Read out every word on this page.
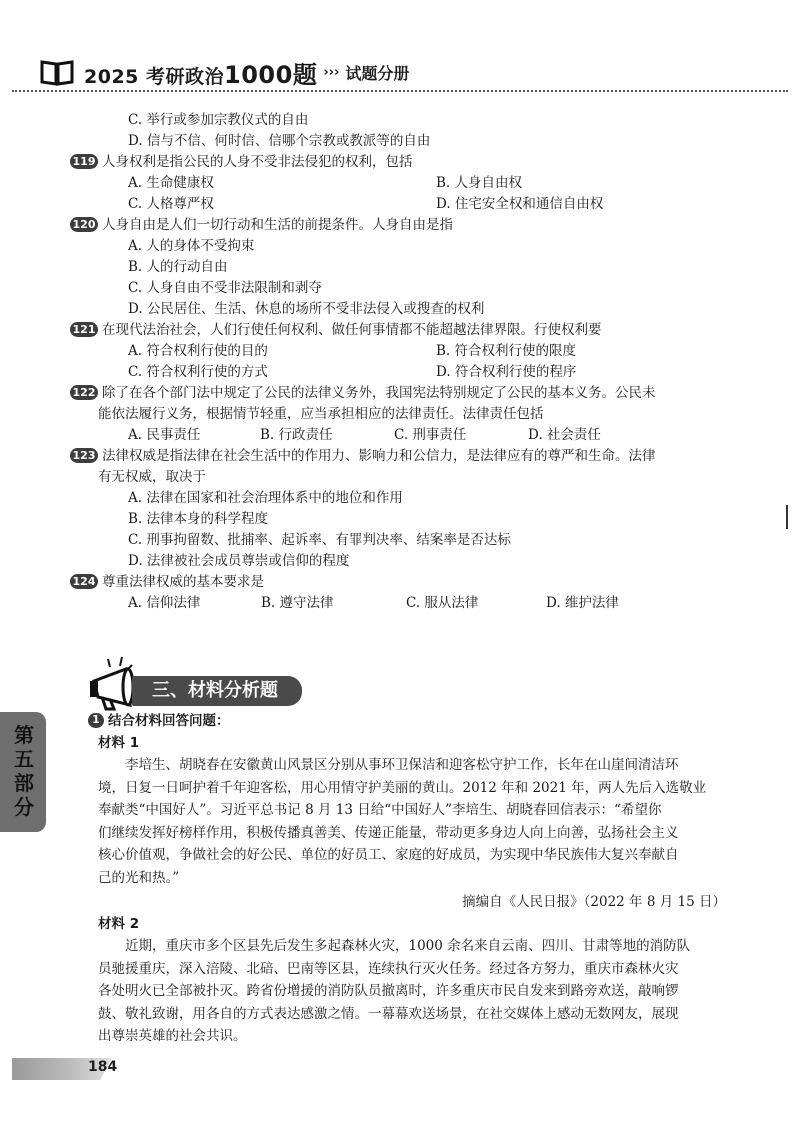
2025 考研政治1000题 ››› 试题分册
C. 举行或参加宗教仪式的自由
D. 信与不信、何时信、信哪个宗教或教派等的自由
119 人身权利是指公民的人身不受非法侵犯的权利，包括
A. 生命健康权	B. 人身自由权
C. 人格尊严权	D. 住宅安全权和通信自由权
120 人身自由是人们一切行动和生活的前提条件。人身自由是指
A. 人的身体不受拘束
B. 人的行动自由
C. 人身自由不受非法限制和剥夺
D. 公民居住、生活、休息的场所不受非法侵入或搜查的权利
121 在现代法治社会，人们行使任何权利、做任何事情都不能超越法律界限。行使权利要
A. 符合权利行使的目的	B. 符合权利行使的限度
C. 符合权利行使的方式	D. 符合权利行使的程序
122 除了在各个部门法中规定了公民的法律义务外，我国宪法特别规定了公民的基本义务。公民未
能依法履行义务，根据情节轻重，应当承担相应的法律责任。法律责任包括
A. 民事责任	B. 行政责任	C. 刑事责任	D. 社会责任
123 法律权威是指法律在社会生活中的作用力、影响力和公信力，是法律应有的尊严和生命。法律
有无权威，取决于
A. 法律在国家和社会治理体系中的地位和作用
B. 法律本身的科学程度
C. 刑事拘留数、批捕率、起诉率、有罪判决率、结案率是否达标
D. 法律被社会成员尊崇或信仰的程度
124 尊重法律权威的基本要求是
A. 信仰法律	B. 遵守法律	C. 服从法律	D. 维护法律
三、材料分析题
第五部分
1 结合材料回答问题：
材料 1

李培生、胡晓春在安徽黄山风景区分别从事环卫保洁和迎客松守护工作，长年在山崖间清洁环

境，日复一日呵护着千年迎客松，用心用情守护美丽的黄山。2012 年和 2021 年，两人先后入选敬业

奉献类“中国好人”。习近平总书记 8 月 13 日给“中国好人”李培生、胡晓春回信表示：“希望你

们继续发挥好榜样作用，积极传播真善美、传递正能量，带动更多身边人向上向善，弘扬社会主义

核心价值观，争做社会的好公民、单位的好员工、家庭的好成员，为实现中华民族伟大复兴奉献自

己的光和热。”

摘编自《人民日报》（2022 年 8 月 15 日）
材料 2

近期，重庆市多个区县先后发生多起森林火灾，1000 余名来自云南、四川、甘肃等地的消防队

员驰援重庆，深入涪陵、北碚、巴南等区县，连续执行灭火任务。经过各方努力，重庆市森林火灾

各处明火已全部被扑灭。跨省份增援的消防队员撤离时，许多重庆市民自发来到路旁欢送，敲响锣

鼓、敬礼致谢，用各自的方式表达感激之情。一幕幕欢送场景，在社交媒体上感动无数网友，展现

出尊崇英雄的社会共识。

184
